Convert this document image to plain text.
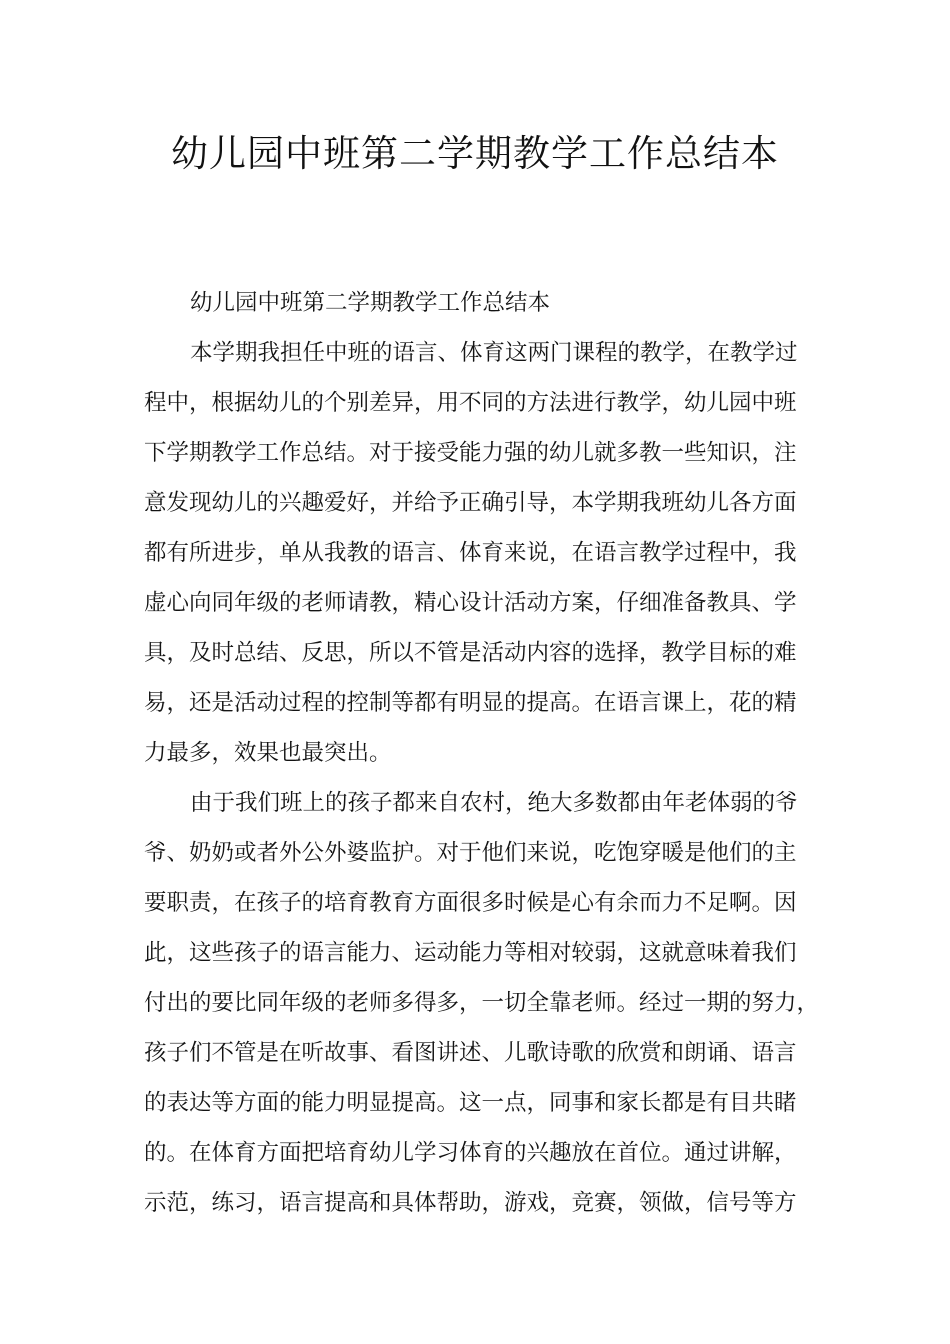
幼儿园中班第二学期教学工作总结本
幼儿园中班第二学期教学工作总结本
本学期我担任中班的语言、体育这两门课程的教学，在教学过
程中，根据幼儿的个别差异，用不同的方法进行教学，幼儿园中班
下学期教学工作总结。对于接受能力强的幼儿就多教一些知识，注
意发现幼儿的兴趣爱好，并给予正确引导，本学期我班幼儿各方面
都有所进步，单从我教的语言、体育来说，在语言教学过程中，我
虚心向同年级的老师请教，精心设计活动方案，仔细准备教具、学
具，及时总结、反思，所以不管是活动内容的选择，教学目标的难
易，还是活动过程的控制等都有明显的提高。在语言课上，花的精
力最多，效果也最突出。
由于我们班上的孩子都来自农村，绝大多数都由年老体弱的爷
爷、奶奶或者外公外婆监护。对于他们来说，吃饱穿暖是他们的主
要职责，在孩子的培育教育方面很多时候是心有余而力不足啊。因
此，这些孩子的语言能力、运动能力等相对较弱，这就意味着我们
付出的要比同年级的老师多得多，一切全靠老师。经过一期的努力，
孩子们不管是在听故事、看图讲述、儿歌诗歌的欣赏和朗诵、语言
的表达等方面的能力明显提高。这一点，同事和家长都是有目共睹
的。在体育方面把培育幼儿学习体育的兴趣放在首位。通过讲解，
示范，练习，语言提高和具体帮助，游戏，竞赛，领做，信号等方
